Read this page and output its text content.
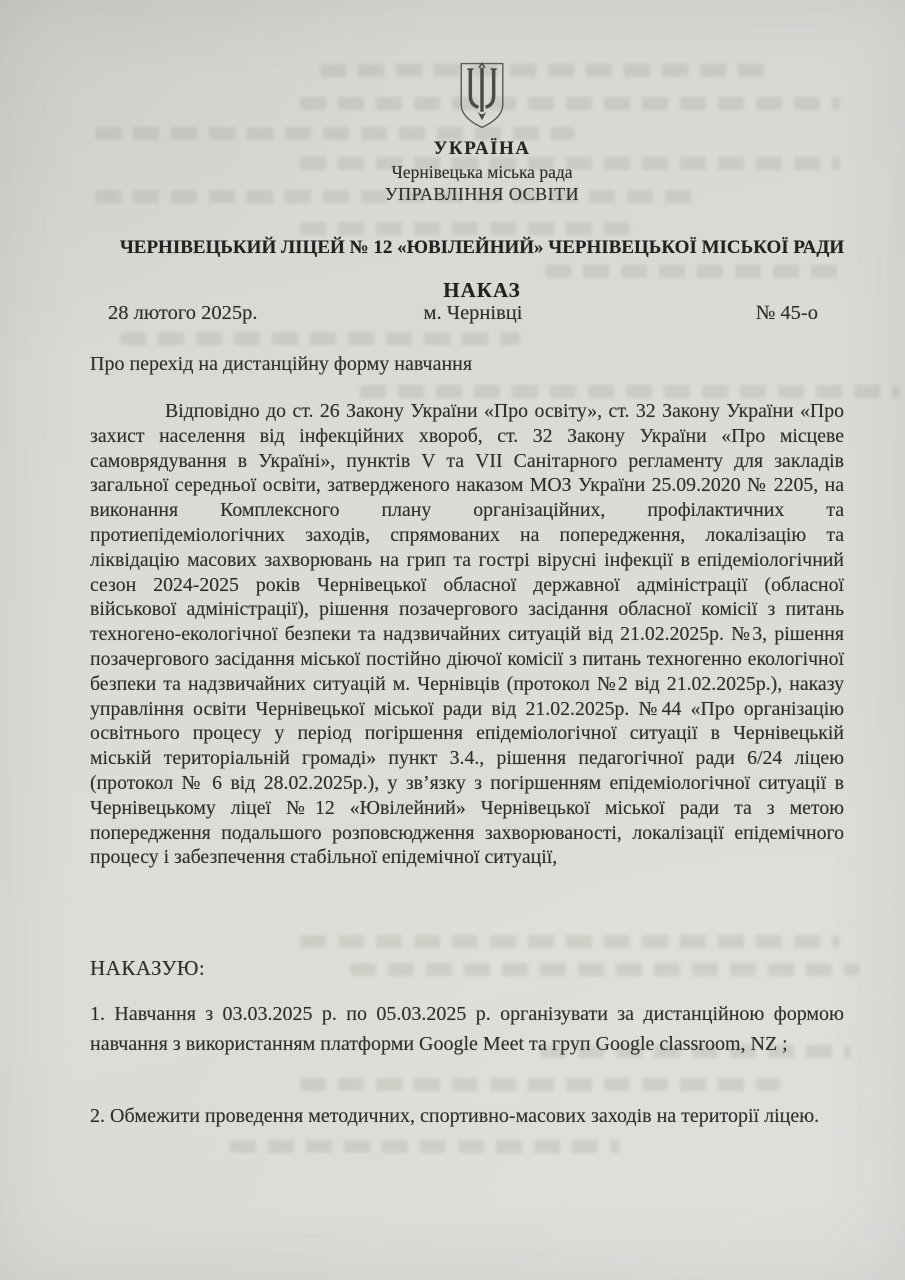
УКРАЇНА
Чернівецька міська рада
УПРАВЛІННЯ ОСВІТИ
ЧЕРНІВЕЦЬКИЙ ЛІЦЕЙ № 12 «ЮВІЛЕЙНИЙ» ЧЕРНІВЕЦЬКОЇ МІСЬКОЇ РАДИ
НАКАЗ
28 лютого 2025р.	м. Чернівці	№ 45-о
Про перехід на дистанційну форму навчання
Відповідно до ст. 26 Закону України «Про освіту», ст. 32 Закону України «Про захист населення від інфекційних хвороб, ст. 32 Закону України «Про місцеве самоврядування в Україні», пунктів V та VII Санітарного регламенту для закладів загальної середньої освіти, затвердженого наказом МОЗ України 25.09.2020 № 2205, на виконання Комплексного плану організаційних, профілактичних та протиепідеміологічних заходів, спрямованих на попередження, локалізацію та ліквідацію масових захворювань на грип та гострі вірусні інфекції в епідеміологічний сезон 2024-2025 років Чернівецької обласної державної адміністрації (обласної військової адміністрації), рішення позачергового засідання обласної комісії з питань техногено-екологічної безпеки та надзвичайних ситуацій від 21.02.2025р. №3, рішення позачергового засідання міської постійно діючої комісії з питань техногенно екологічної безпеки та надзвичайних ситуацій м. Чернівців (протокол №2 від 21.02.2025р.), наказу управління освіти Чернівецької міської ради від 21.02.2025р. №44 «Про організацію освітнього процесу у період погіршення епідеміологічної ситуації в Чернівецькій міській територіальній громаді» пункт 3.4., рішення педагогічної ради 6/24 ліцею (протокол № 6 від 28.02.2025р.), у зв’язку з погіршенням епідеміологічної ситуації в Чернівецькому ліцеї №12 «Ювілейний» Чернівецької міської ради та з метою попередження подальшого розповсюдження захворюваності, локалізації епідемічного процесу і забезпечення стабільної епідемічної ситуації,
НАКАЗУЮ:
1. Навчання з 03.03.2025 р. по 05.03.2025 р. організувати за дистанційною формою навчання з використанням платформи Google Meet та груп Google classroom, NZ ;
2. Обмежити проведення методичних, спортивно-масових заходів на території ліцею.
